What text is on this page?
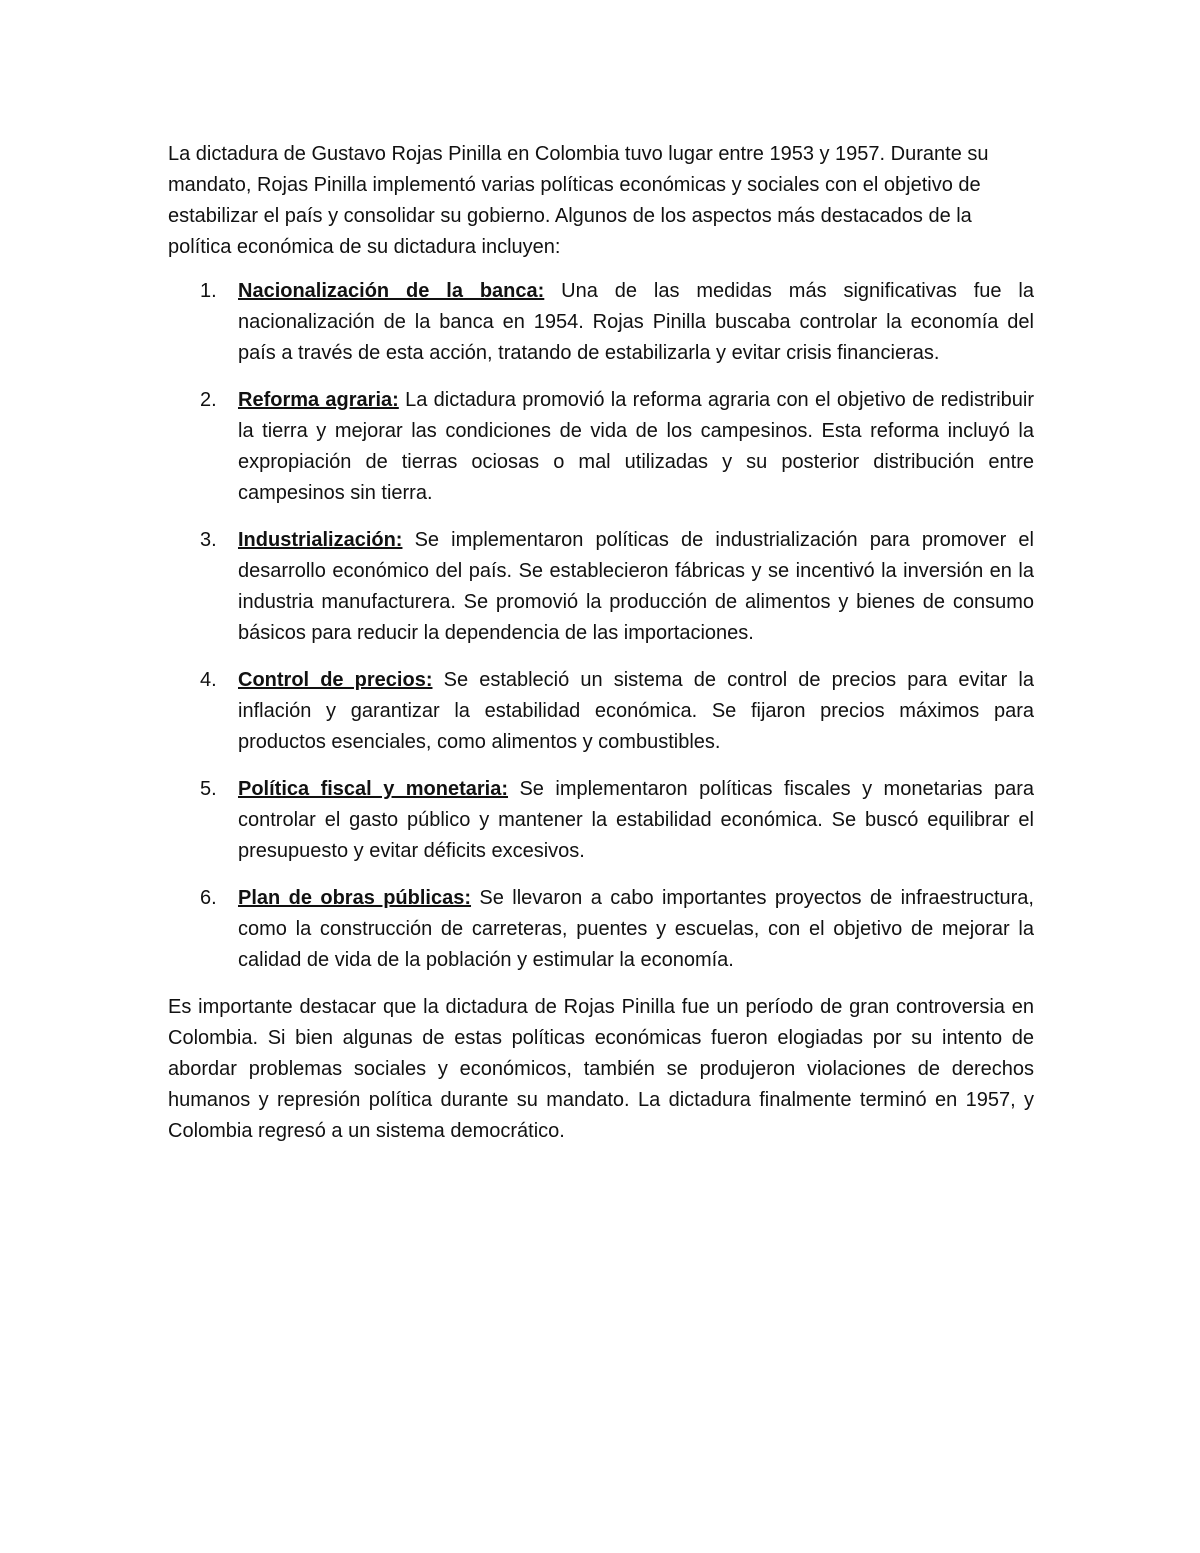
La dictadura de Gustavo Rojas Pinilla en Colombia tuvo lugar entre 1953 y 1957. Durante su mandato, Rojas Pinilla implementó varias políticas económicas y sociales con el objetivo de estabilizar el país y consolidar su gobierno. Algunos de los aspectos más destacados de la política económica de su dictadura incluyen:

1. Nacionalización de la banca: Una de las medidas más significativas fue la nacionalización de la banca en 1954. Rojas Pinilla buscaba controlar la economía del país a través de esta acción, tratando de estabilizarla y evitar crisis financieras.
2. Reforma agraria: La dictadura promovió la reforma agraria con el objetivo de redistribuir la tierra y mejorar las condiciones de vida de los campesinos. Esta reforma incluyó la expropiación de tierras ociosas o mal utilizadas y su posterior distribución entre campesinos sin tierra.
3. Industrialización: Se implementaron políticas de industrialización para promover el desarrollo económico del país. Se establecieron fábricas y se incentivó la inversión en la industria manufacturera. Se promovió la producción de alimentos y bienes de consumo básicos para reducir la dependencia de las importaciones.
4. Control de precios: Se estableció un sistema de control de precios para evitar la inflación y garantizar la estabilidad económica. Se fijaron precios máximos para productos esenciales, como alimentos y combustibles.
5. Política fiscal y monetaria: Se implementaron políticas fiscales y monetarias para controlar el gasto público y mantener la estabilidad económica. Se buscó equilibrar el presupuesto y evitar déficits excesivos.
6. Plan de obras públicas: Se llevaron a cabo importantes proyectos de infraestructura, como la construcción de carreteras, puentes y escuelas, con el objetivo de mejorar la calidad de vida de la población y estimular la economía.

Es importante destacar que la dictadura de Rojas Pinilla fue un período de gran controversia en Colombia. Si bien algunas de estas políticas económicas fueron elogiadas por su intento de abordar problemas sociales y económicos, también se produjeron violaciones de derechos humanos y represión política durante su mandato. La dictadura finalmente terminó en 1957, y Colombia regresó a un sistema democrático.
